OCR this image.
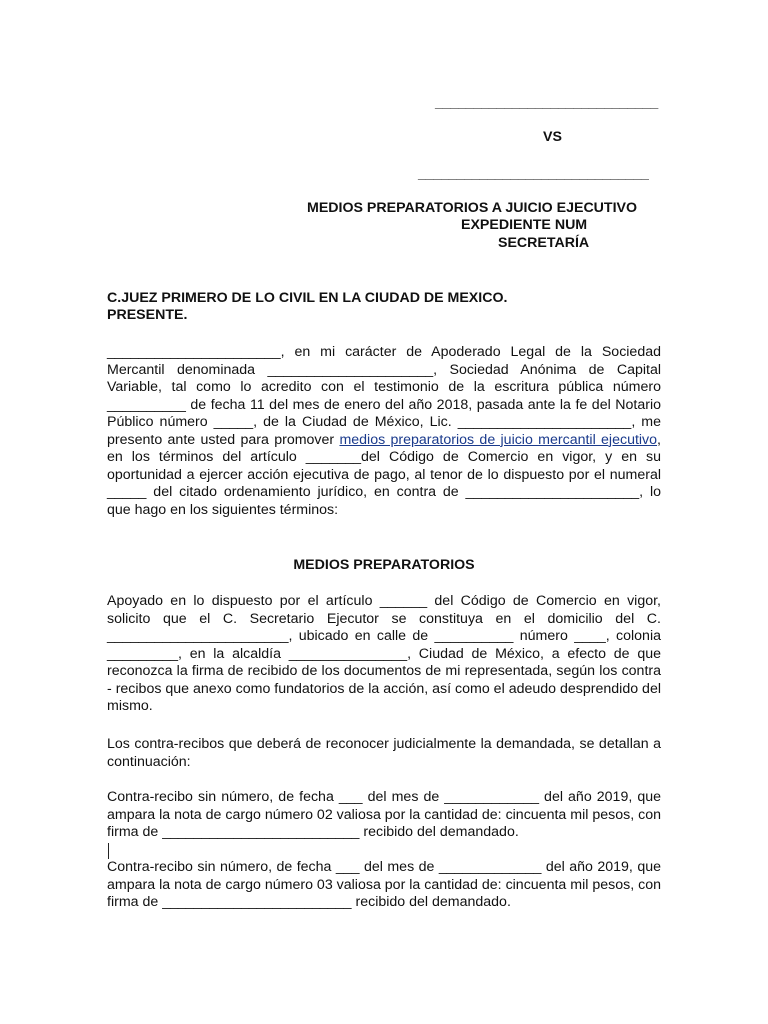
_____________________________
VS
______________________________
MEDIOS PREPARATORIOS A JUICIO EJECUTIVO
EXPEDIENTE NUM
SECRETARÍA
C.JUEZ PRIMERO DE LO CIVIL EN LA CIUDAD DE MEXICO.
PRESENTE.
______________________, en mi carácter de Apoderado Legal de la Sociedad Mercantil denominada _____________________, Sociedad Anónima de Capital Variable, tal como lo acredito con el testimonio de la escritura pública número __________ de fecha 11 del mes de enero del año 2018, pasada ante la fe del Notario Público número _____, de la Ciudad de México, Lic. ______________________, me presento ante usted para promover medios preparatorios de juicio mercantil ejecutivo, en los términos del artículo _______del Código de Comercio en vigor, y en su oportunidad a ejercer acción ejecutiva de pago, al tenor de lo dispuesto por el numeral _____ del citado ordenamiento jurídico, en contra de ______________________, lo que hago en los siguientes términos:
MEDIOS PREPARATORIOS
Apoyado en lo dispuesto por el artículo ______ del Código de Comercio en vigor, solicito que el C. Secretario Ejecutor se constituya en el domicilio del C. _______________________, ubicado en calle de __________ número ____, colonia _________, en la alcaldía _______________, Ciudad de México, a efecto de que reconozca la firma de recibido de los documentos de mi representada, según los contra - recibos que anexo como fundatorios de la acción, así como el adeudo desprendido del mismo.
Los contra-recibos que deberá de reconocer judicialmente la demandada, se detallan a continuación:
Contra-recibo sin número, de fecha ___ del mes de ____________ del año 2019, que ampara la nota de cargo número 02 valiosa por la cantidad de: cincuenta mil pesos, con firma de _________________________ recibido del demandado.
Contra-recibo sin número, de fecha ___ del mes de _____________ del año 2019, que ampara la nota de cargo número 03 valiosa por la cantidad de: cincuenta mil pesos, con firma de ________________________ recibido del demandado.
